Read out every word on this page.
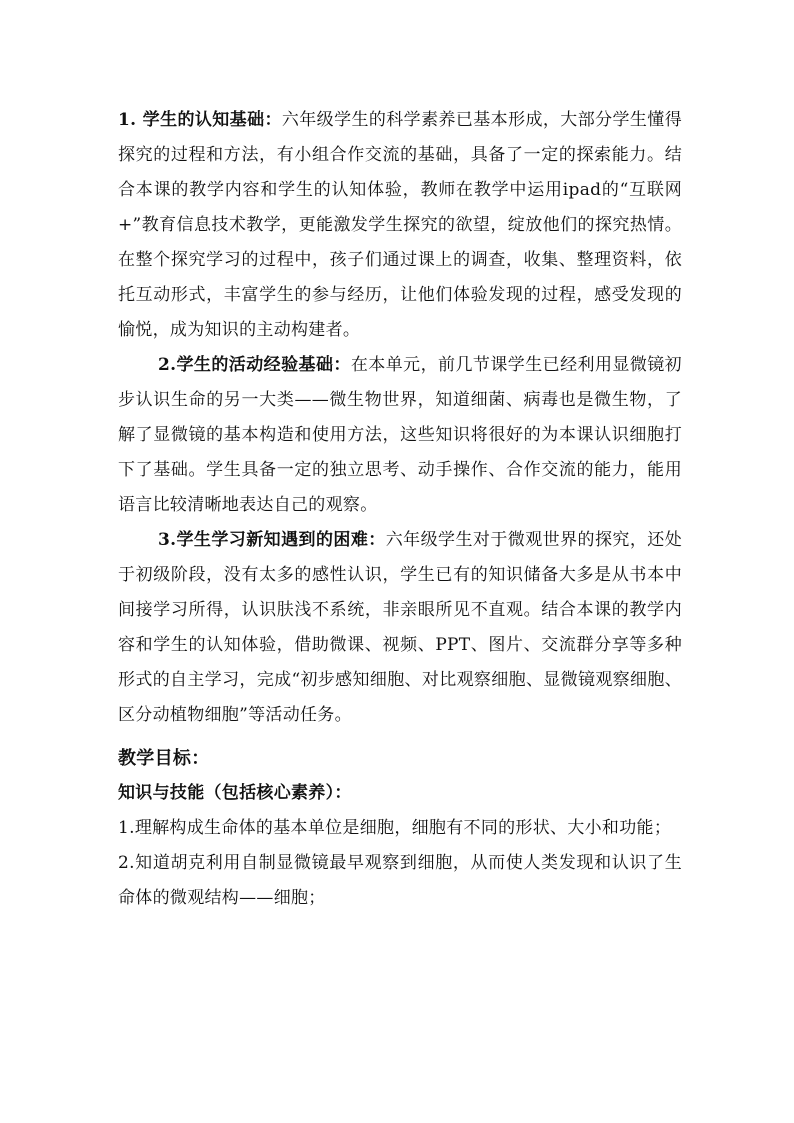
1. 学生的认知基础：六年级学生的科学素养已基本形成，大部分学生懂得探究的过程和方法，有小组合作交流的基础，具备了一定的探索能力。结合本课的教学内容和学生的认知体验，教师在教学中运用ipad的“互联网+”教育信息技术教学，更能激发学生探究的欲望，绽放他们的探究热情。在整个探究学习的过程中，孩子们通过课上的调查，收集、整理资料，依托互动形式，丰富学生的参与经历，让他们体验发现的过程，感受发现的愉悦，成为知识的主动构建者。

2.学生的活动经验基础：在本单元，前几节课学生已经利用显微镜初步认识生命的另一大类——微生物世界，知道细菌、病毒也是微生物，了解了显微镜的基本构造和使用方法，这些知识将很好的为本课认识细胞打下了基础。学生具备一定的独立思考、动手操作、合作交流的能力，能用语言比较清晰地表达自己的观察。

3.学生学习新知遇到的困难：六年级学生对于微观世界的探究，还处于初级阶段，没有太多的感性认识，学生已有的知识储备大多是从书本中间接学习所得，认识肤浅不系统，非亲眼所见不直观。结合本课的教学内容和学生的认知体验，借助微课、视频、PPT、图片、交流群分享等多种形式的自主学习，完成“初步感知细胞、对比观察细胞、显微镜观察细胞、区分动植物细胞”等活动任务。

教学目标：

知识与技能（包括核心素养）：

1.理解构成生命体的基本单位是细胞，细胞有不同的形状、大小和功能；

2.知道胡克利用自制显微镜最早观察到细胞，从而使人类发现和认识了生命体的微观结构——细胞；
